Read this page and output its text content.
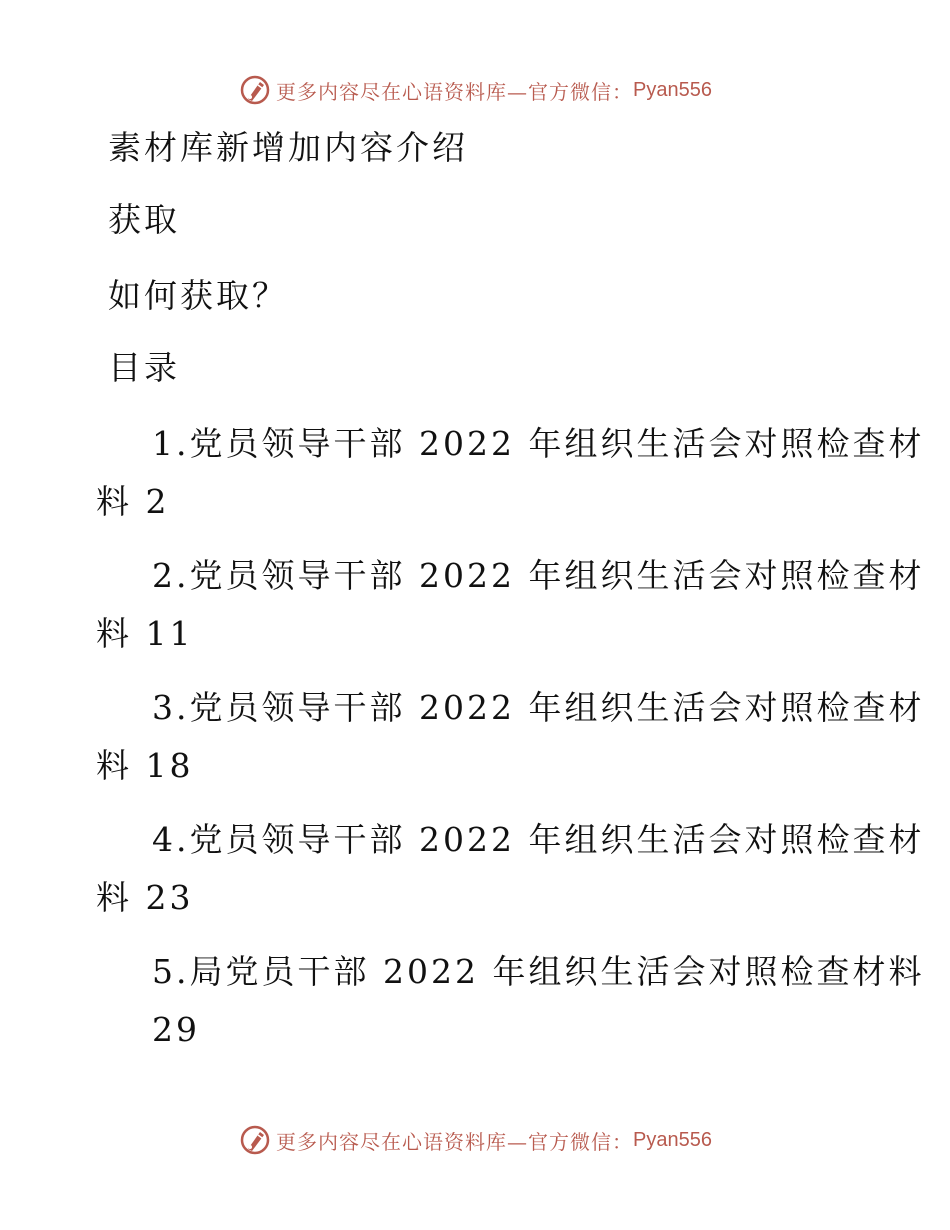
更多内容尽在心语资料库—官方微信： Pyan556
素材库新增加内容介绍
获取
如何获取？
目录
1.党员领导干部 2022 年组织生活会对照检查材
料 2
2.党员领导干部 2022 年组织生活会对照检查材
料 11
3.党员领导干部 2022 年组织生活会对照检查材
料 18
4.党员领导干部 2022 年组织生活会对照检查材
料 23
5.局党员干部 2022 年组织生活会对照检查材料
29
更多内容尽在心语资料库—官方微信： Pyan556
